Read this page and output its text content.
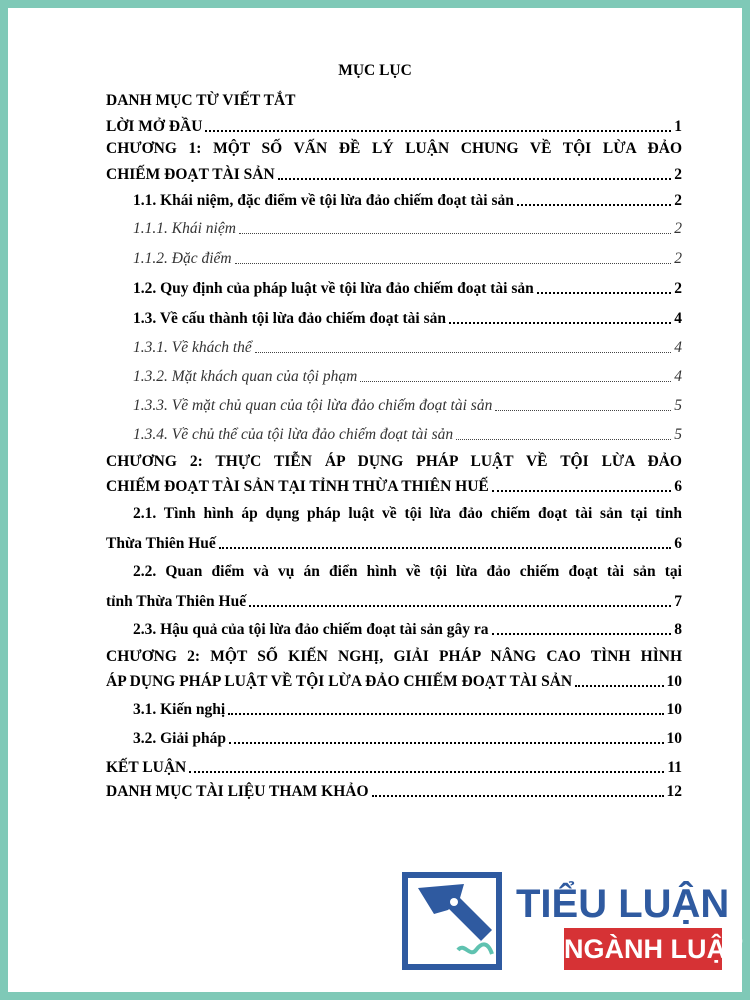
MỤC LỤC
DANH MỤC TỪ VIẾT TẮT
LỜI MỞ ĐẦU	1
CHƯƠNG 1: MỘT SỐ VẤN ĐỀ LÝ LUẬN CHUNG VỀ TỘI LỪA ĐẢO
CHIẾM ĐOẠT TÀI SẢN	2
1.1. Khái niệm, đặc điểm về tội lừa đảo chiếm đoạt tài sản	2
1.1.1. Khái niệm	2
1.1.2. Đặc điểm	2
1.2. Quy định của pháp luật về tội lừa đảo chiếm đoạt tài sản	2
1.3. Về cấu thành tội lừa đảo chiếm đoạt tài sản	4
1.3.1. Về khách thể	4
1.3.2. Mặt khách quan của tội phạm	4
1.3.3. Về mặt chủ quan của tội lừa đảo chiếm đoạt tài sản	5
1.3.4. Về chủ thể của tội lừa đảo chiếm đoạt tài sản	5
CHƯƠNG 2: THỰC TIỄN ÁP DỤNG PHÁP LUẬT VỀ TỘI LỪA ĐẢO
CHIẾM ĐOẠT TÀI SẢN TẠI TỈNH THỪA THIÊN HUẾ	6
2.1. Tình hình áp dụng pháp luật về tội lừa đảo chiếm đoạt tài sản tại tỉnh
Thừa Thiên Huế	6
2.2. Quan điểm và vụ án điển hình về tội lừa đảo chiếm đoạt tài sản tại
tỉnh Thừa Thiên Huế	7
2.3. Hậu quả của tội lừa đảo chiếm đoạt tài sản gây ra	8
CHƯƠNG 2: MỘT SỐ KIẾN NGHỊ, GIẢI PHÁP NÂNG CAO TÌNH HÌNH
ÁP DỤNG PHÁP LUẬT VỀ TỘI LỪA ĐẢO CHIẾM ĐOẠT TÀI SẢN	10
3.1. Kiến nghị	10
3.2. Giải pháp	10
KẾT LUẬN	11
DANH MỤC TÀI LIỆU THAM KHẢO	12
TIỂU LUẬN
NGÀNH LUẬT
